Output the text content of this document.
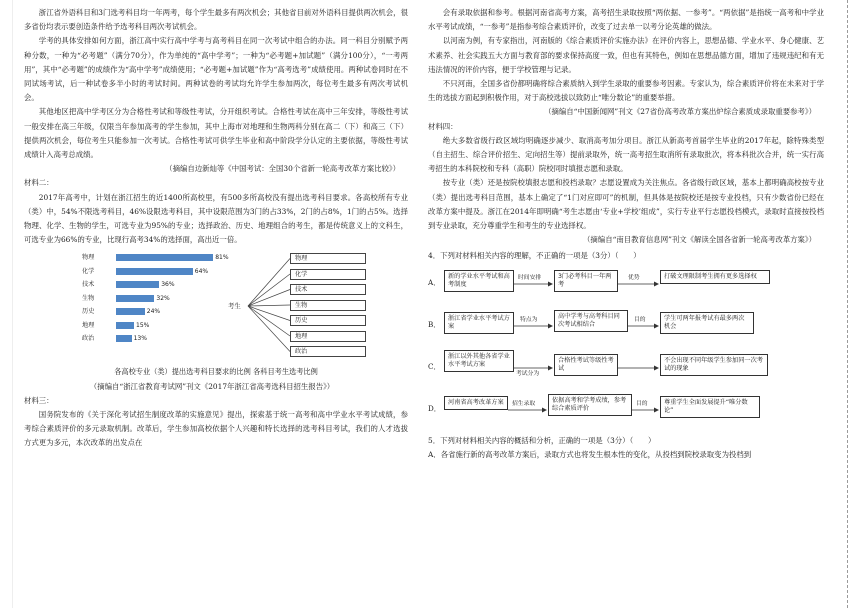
浙江省外语科目和3门选考科目均一年两考，每个学生最多有两次机会；其他省目前对外语科目提供两次机会，很多省份均表示要创造条件给予选考科目两次考试机会。

学考的具体安排如何方面，浙江高中实行高中学考与高考科目在同一次考试中组合的办法。同一科目分别赋予两种分数，一种为“必考题”（满分70分），作为单纯的“高中学考”；一种为“必考题+加试题”（满分100分），“一考两用”，其中“必考题”的成绩作为“高中学考”成绩使用；“必考题+加试题”作为“高考选考”成绩使用。两种试卷同时在不同试场考试，后一种试卷多半小时的考试时间。两种试卷的考试均允许学生参加两次，每位考生最多有两次考试机会。

其他地区把高中学考区分为合格性考试和等级性考试，分开组织考试。合格性考试在高中三年安排，等级性考试一般安排在高三年级，仅限当年参加高考的学生参加，其中上海市对地理和生物两科分别在高二（下）和高三（下）提供两次机会，每位考生只能参加一次考试。合格性考试可供学生毕业和高中阶段学分认定的主要依据，等级性考试成绩计入高考总成绩。

（摘编自边新灿等《中国考试：全国30个省新一轮高考改革方案比较》）

材料二：

2017年高考中，计划在浙江招生的近1400所高校里，有500多所高校没有提出选考科目要求。各高校所有专业（类）中，54%不限选考科目，46%设限选考科目，其中设限范围为3门的占33%，2门的占8%，1门的占5%。选择物理、化学、生物的学生，可选专业为95%的专业；选择政治、历史、地理组合的考生，都是传统意义上的文科生，可选专业为66%的专业，比现行高考34%的选择面，高出近一倍。

物理	81%
化学	64%
技术	36%
生物	32%
历史	24%
地理	15%
政治	13%
考生
物理
化学
技术
生物
历史
地理
政治

各高校专业（类）提出选考科目要求的比例 各科目考生选考比例

（摘编自“浙江省教育考试网”刊文《2017年浙江省高考选科目招生报告》）

材料三：

国务院发布的《关于深化考试招生制度改革的实施意见》提出，探索基于统一高考和高中学业水平考试成绩，参考综合素质评价的多元录取机制。改革后，学生参加高校依据个人兴趣和特长选择的选考科目考试，我们的人才选拔方式更为多元，本次改革的出发点在

会有录取依据和参考。根据河南省高考方案，高考招生录取按照“两依据、一参考”。“两依据”是指统一高考和中学业水平考试成绩，“一参考”是指参考综合素质评价，改变了过去单一以考分论英雄的做法。

以河南为例，有专家指出，河南版的《综合素质评价实施办法》在评价内容上，思想品德、学业水平、身心健康、艺术素养、社会实践五大方面与教育部的要求保持高度一致，但也有其特色，例如在思想品德方面，增加了违规违纪和有无违法情况的评价内容，便于学校管理与记录。

不只河南，全国多省份都明确将综合素质纳入到学生录取的重要参考因素。专家认为，综合素质评价将在未来对于学生的选拔方面起到积极作用，对于高校选拔以致防止“唯分数论”的重要举措。

（摘编自“中国新闻网”刊文《27省份高考改革方案出炉综合素质成录取重要参考》）

材料四：

绝大多数省级行政区域均明确逐步减少、取消高考加分项目。浙江从新高考首届学生毕业的2017年起，除特殊类型（自主招生、综合评价招生、定向招生等）提前录取外，统一高考招生取消所有录取批次，将本科批次合并，统一实行高考招生的本科院校和专科（高职）院校同时填报志愿和录取。

按专业（类）还是按院校填报志愿和投档录取？志愿设置成为关注焦点。各省级行政区域，基本上都明确高校按专业（类）提出选考科目范围，基本上确定了“1门对应即可”的机制，但具体是按院校还是按专业投档，只有少数省份已经在改革方案中提及。浙江在2014年即明确“考生志愿由‘专业+学校’组成”，实行专业平行志愿投档模式，录取时直接按投档到专业录取，充分尊重学生和考生的专业选择权。

（摘编自“南目教育信息网”刊文《解读全国各省新一轮高考改革方案》）

4．下列对材料相关内容的理解，不正确的一项是（3分）（　　）

A．
新的学业水平考试和高考制度
时间安排	3门必考科目一年两考
优势	打破文理限制考生拥有更多选择权
B．
浙江省学业水平考试方案
特点为	高中学考与高考科目同次考试相结合
目的	学生可两年报考试有最多两次机会
C．
浙江以外其他各省学业水平考试方案
考试分为
合格性考试等级性考试
不会出现不同年级学生参加同一次考试的现象
D．
河南省高考改革方案	招生录取	依据高考和学考成绩，参考综合素质评价
目的	尊重学生全面发展提升“唯分数论”

5．下列对材料相关内容的概括和分析，正确的一项是（3分）（　　）

A．各省施行新的高考改革方案后，录取方式也将发生根本性的变化，从投档到院校录取变为投档到
